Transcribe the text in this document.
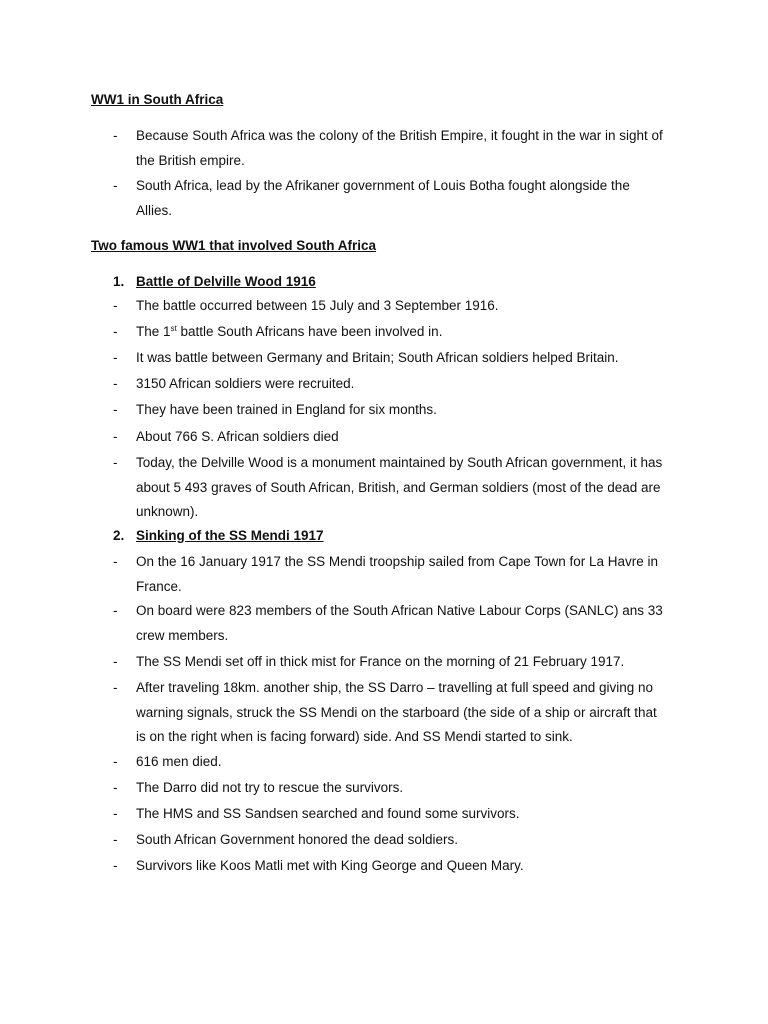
WW1 in South Africa
- Because South Africa was the colony of the British Empire, it fought in the war in sight of
the British empire.
- South Africa, lead by the Afrikaner government of Louis Botha fought alongside the
Allies.
Two famous WW1 that involved South Africa
1. Battle of Delville Wood 1916
- The battle occurred between 15 July and 3 September 1916.
- The 1st battle South Africans have been involved in.
- It was battle between Germany and Britain; South African soldiers helped Britain.
- 3150 African soldiers were recruited.
- They have been trained in England for six months.
- About 766 S. African soldiers died
- Today, the Delville Wood is a monument maintained by South African government, it has
about 5 493 graves of South African, British, and German soldiers (most of the dead are
unknown).
2. Sinking of the SS Mendi 1917
- On the 16 January 1917 the SS Mendi troopship sailed from Cape Town for La Havre in
France.
- On board were 823 members of the South African Native Labour Corps (SANLC) ans 33
crew members.
- The SS Mendi set off in thick mist for France on the morning of 21 February 1917.
- After traveling 18km. another ship, the SS Darro – travelling at full speed and giving no
warning signals, struck the SS Mendi on the starboard (the side of a ship or aircraft that
is on the right when is facing forward) side. And SS Mendi started to sink.
- 616 men died.
- The Darro did not try to rescue the survivors.
- The HMS and SS Sandsen searched and found some survivors.
- South African Government honored the dead soldiers.
- Survivors like Koos Matli met with King George and Queen Mary.
